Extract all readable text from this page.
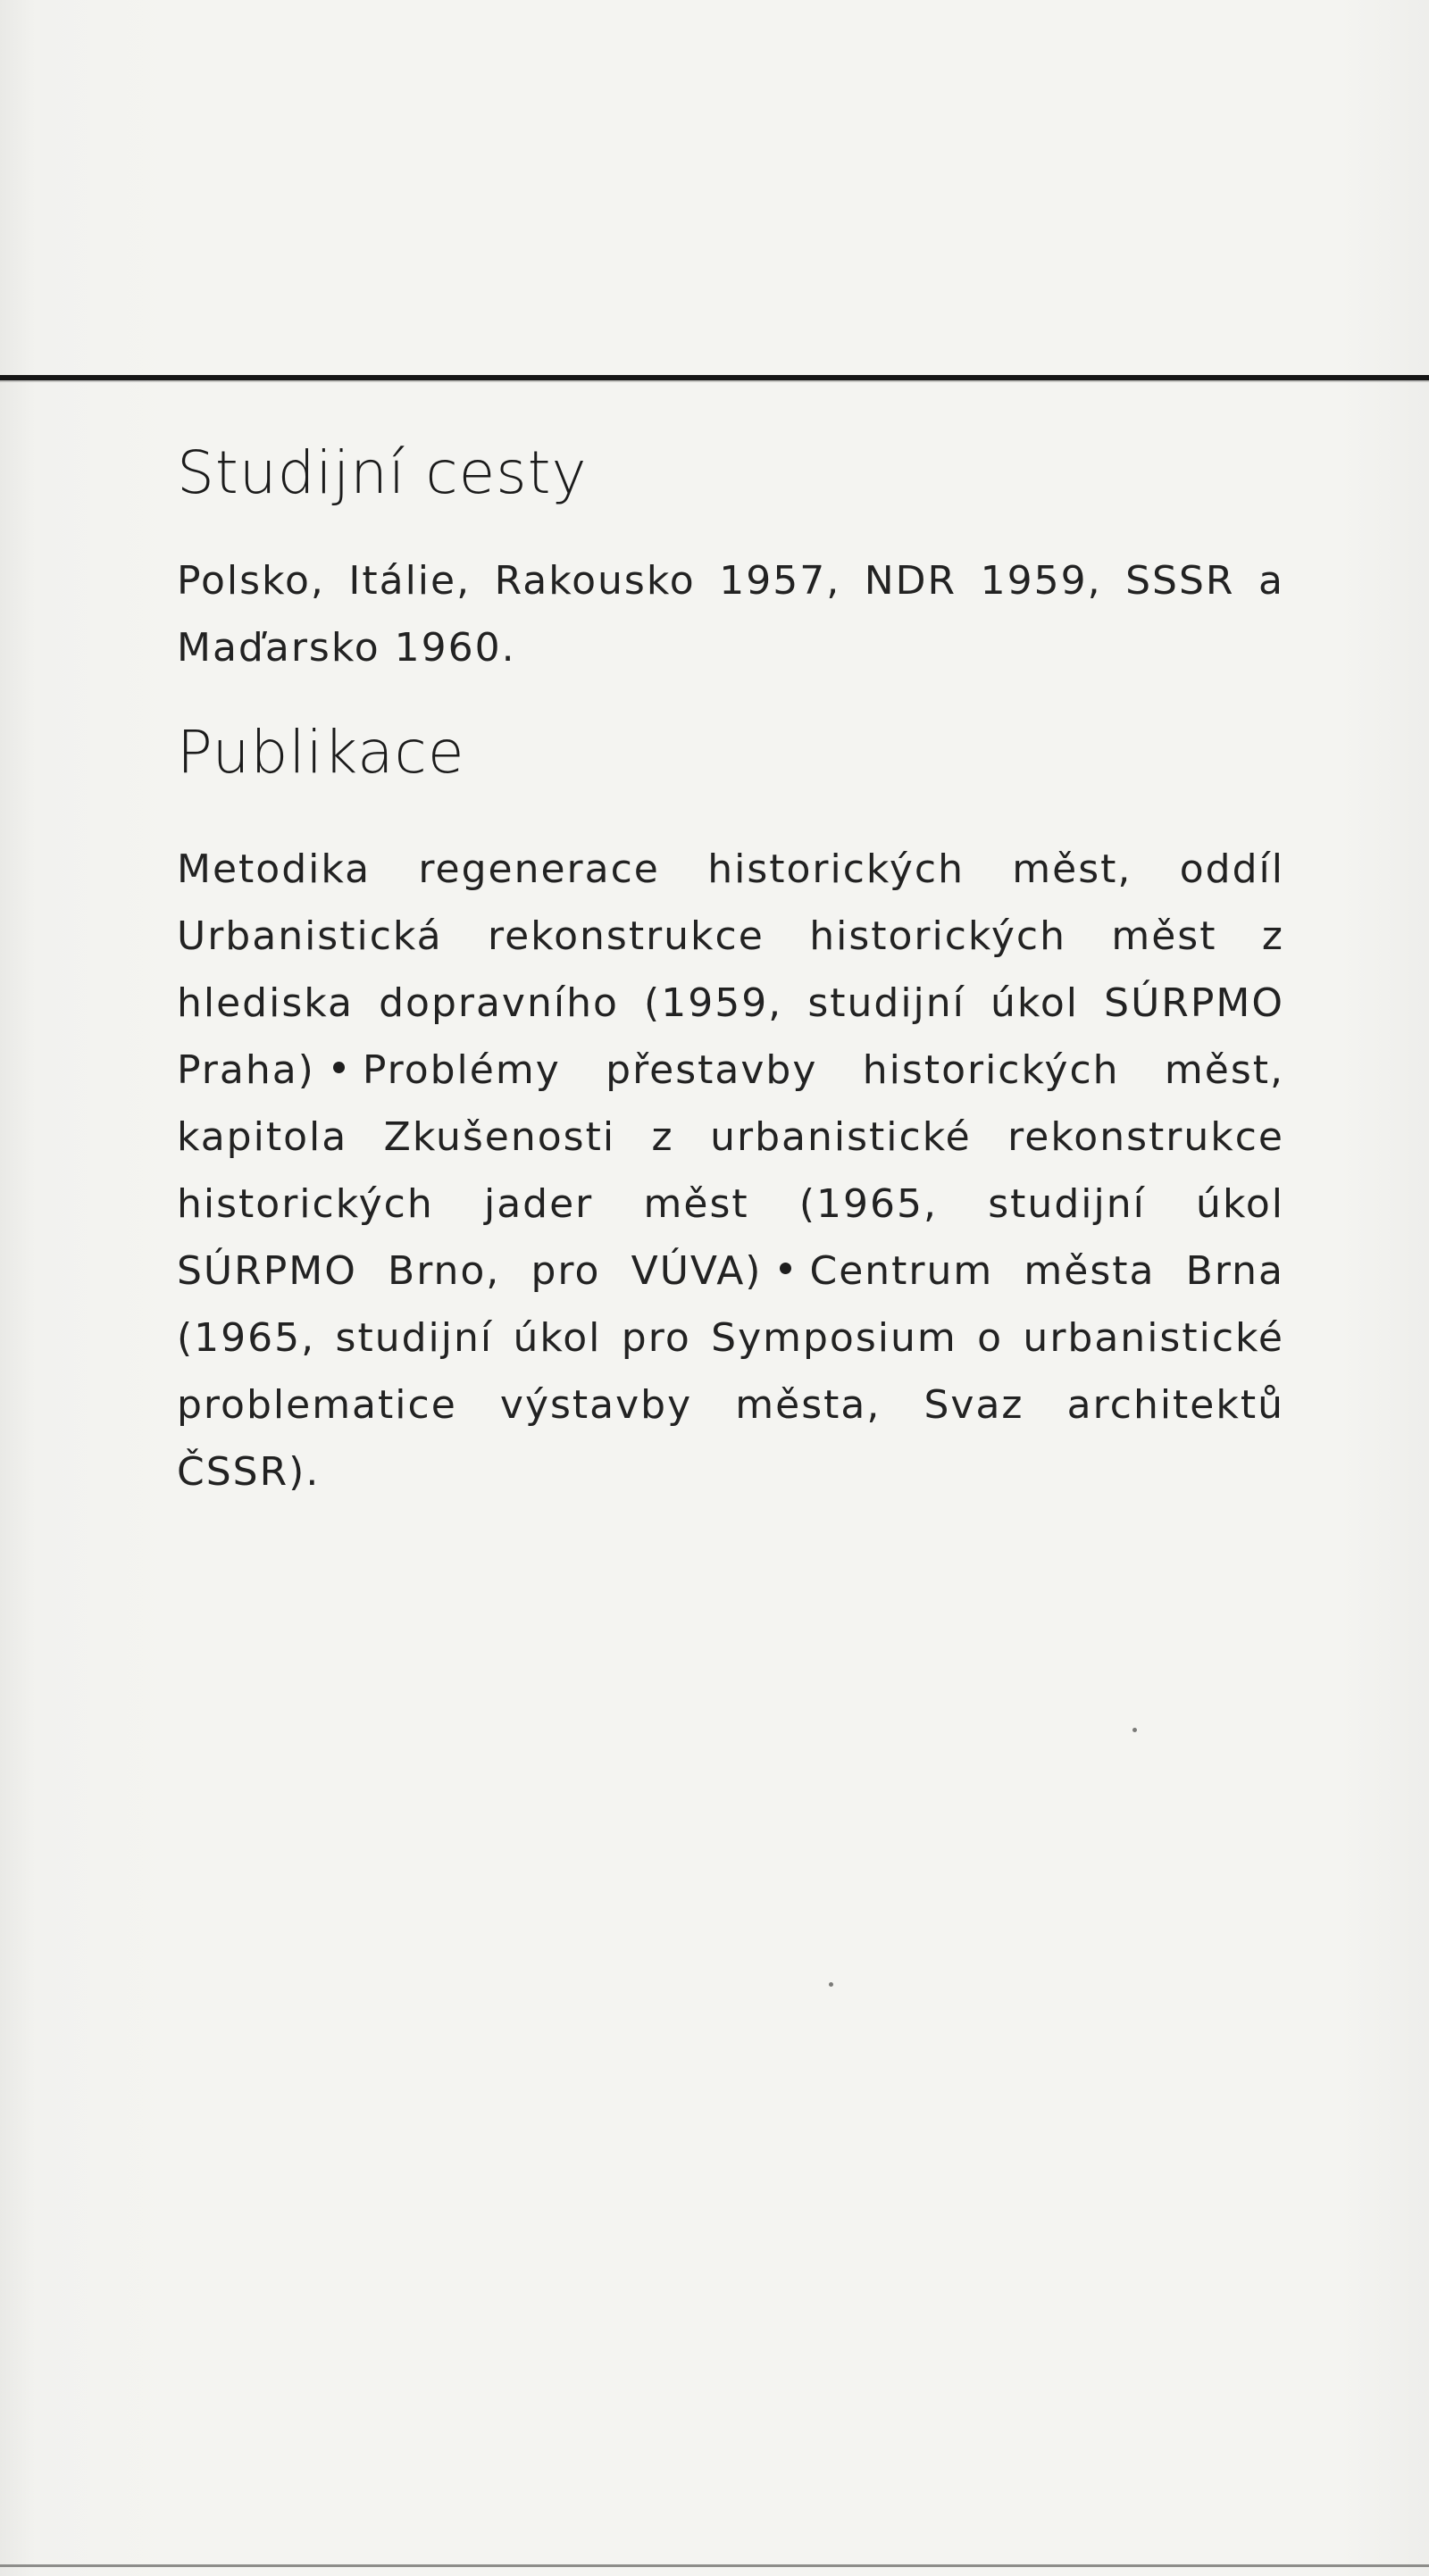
Studijní cesty

Polsko, Itálie, Rakousko 1957, NDR 1959, SSSR a Maďarsko 1960.

Publikace

Metodika regenerace historických měst, oddíl Urbanistická rekonstrukce historických měst z hlediska dopravního (1959, studijní úkol SÚRPMO Praha) Problémy přestavby historických měst, kapitola Zkušenosti z urbanistické rekonstrukce historických jader měst (1965, studijní úkol SÚRPMO Brno, pro VÚVA) Centrum města Brna (1965, studijní úkol pro Symposium o urbanistické problematice výstavby města, Svaz architektů ČSSR).
